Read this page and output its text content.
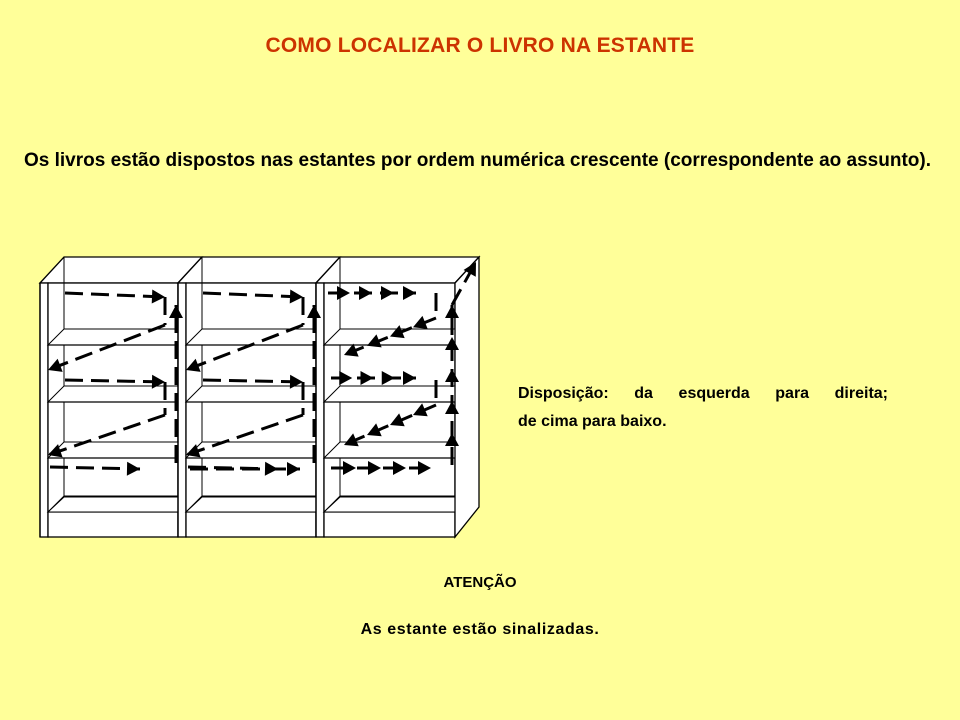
COMO LOCALIZAR O LIVRO NA ESTANTE
Os livros estão dispostos nas estantes por ordem numérica crescente (correspondente ao assunto).
Disposição: da esquerda para direita;
de cima para baixo.
ATENÇÃO
As estante estão sinalizadas.
